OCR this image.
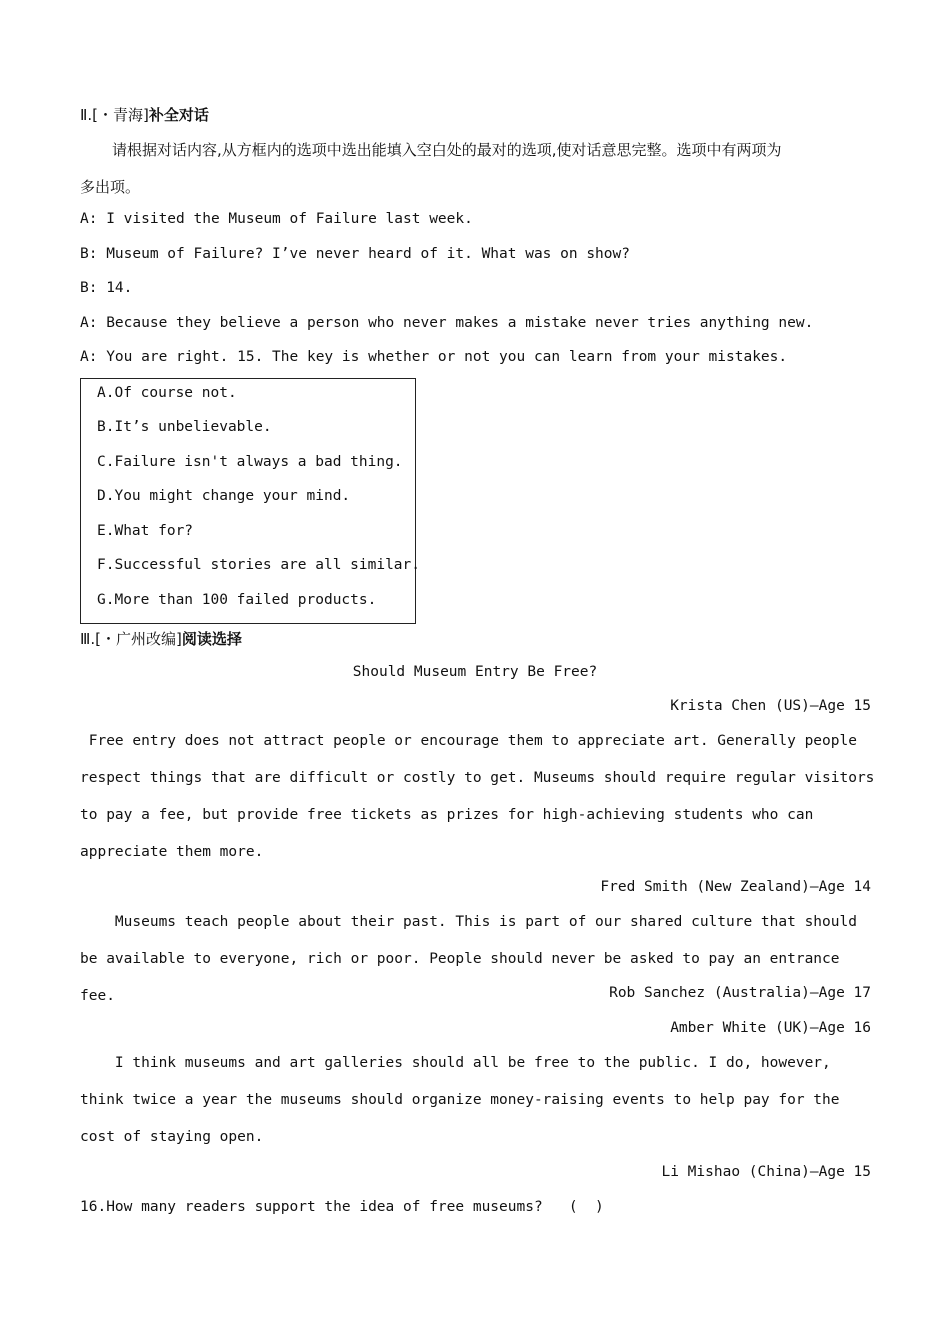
Ⅱ.[・青海]补全对话
请根据对话内容,从方框内的选项中选出能填入空白处的最对的选项,使对话意思完整。选项中有两项为
多出项。
A: I visited the Museum of Failure last week.
B: Museum of Failure? I’ve never heard of it. What was on show?
B: 14.
A: Because they believe a person who never makes a mistake never tries anything new.
A: You are right. 15. The key is whether or not you can learn from your mistakes.
A.Of course not.
B.It’s unbelievable.
C.Failure isn't always a bad thing.
D.You might change your mind.
E.What for?
F.Successful stories are all similar.
G.More than 100 failed products.
Ⅲ.[・广州改编]阅读选择
Should Museum Entry Be Free?
Krista Chen (US)—Age 15
Free entry does not attract people or encourage them to appreciate art. Generally people respect things that are difficult or costly to get. Museums should require regular visitors to pay a fee, but provide free tickets as prizes for high-achieving students who can appreciate them more.
Fred Smith (New Zealand)—Age 14
Museums teach people about their past. This is part of our shared culture that should be available to everyone, rich or poor. People should never be asked to pay an entrance fee.	Rob Sanchez (Australia)—Age 17
Amber White (UK)—Age 16
I think museums and art galleries should all be free to the public. I do, however, think twice a year the museums should organize money-raising events to help pay for the cost of staying open.
Li Mishao (China)—Age 15
16.How many readers support the idea of free museums?   (  )
